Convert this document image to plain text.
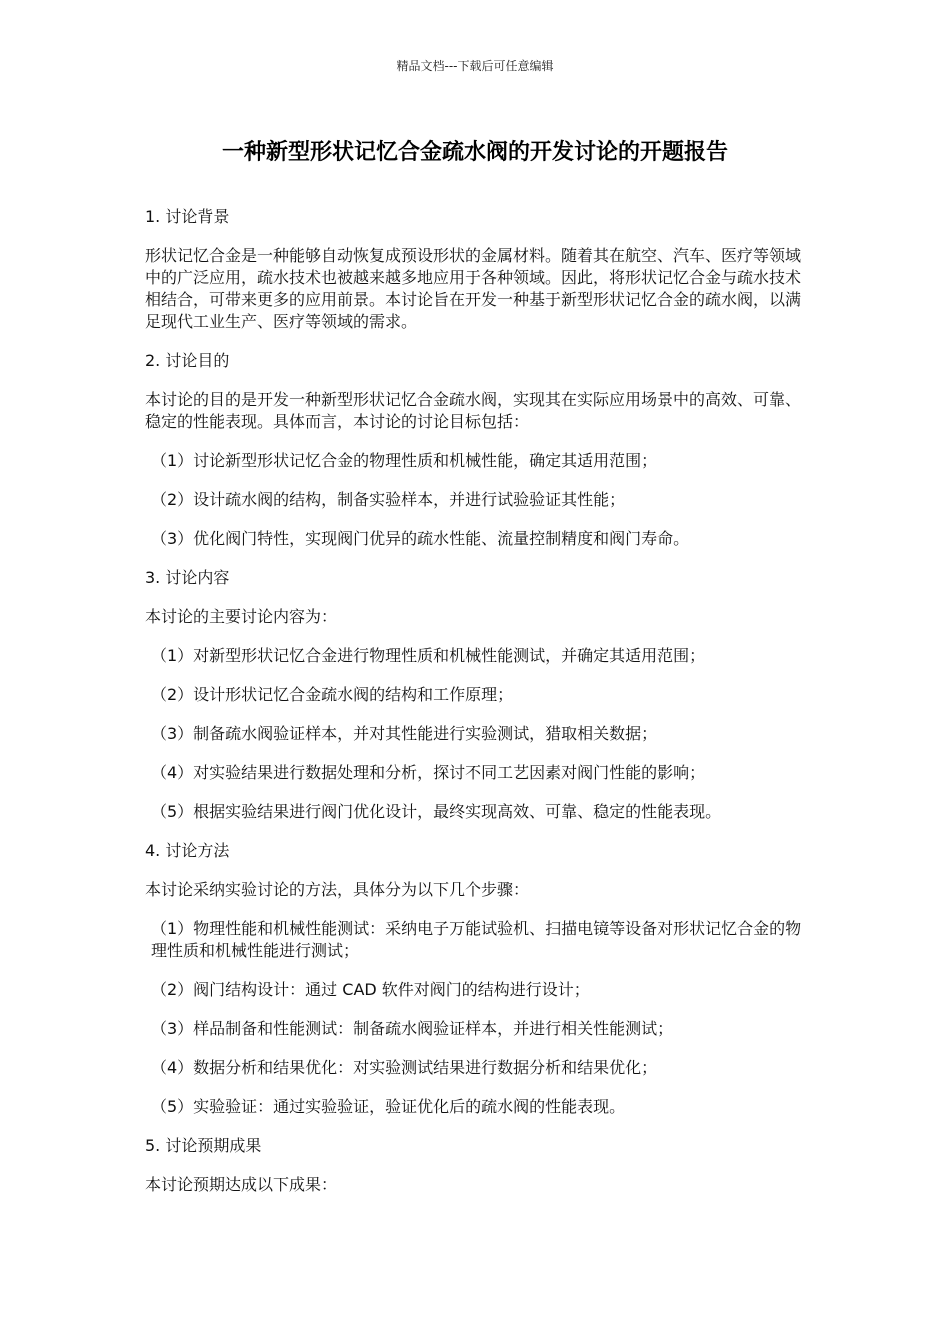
精品文档---下载后可任意编辑
一种新型形状记忆合金疏水阀的开发讨论的开题报告

1. 讨论背景

形状记忆合金是一种能够自动恢复成预设形状的金属材料。随着其在航空、汽车、医疗等领域中的广泛应用，疏水技术也被越来越多地应用于各种领域。因此，将形状记忆合金与疏水技术相结合，可带来更多的应用前景。本讨论旨在开发一种基于新型形状记忆合金的疏水阀，以满足现代工业生产、医疗等领域的需求。

2. 讨论目的

本讨论的目的是开发一种新型形状记忆合金疏水阀，实现其在实际应用场景中的高效、可靠、稳定的性能表现。具体而言，本讨论的讨论目标包括：

（1）讨论新型形状记忆合金的物理性质和机械性能，确定其适用范围；

（2）设计疏水阀的结构，制备实验样本，并进行试验验证其性能；

（3）优化阀门特性，实现阀门优异的疏水性能、流量控制精度和阀门寿命。

3. 讨论内容

本讨论的主要讨论内容为：

（1）对新型形状记忆合金进行物理性质和机械性能测试，并确定其适用范围；

（2）设计形状记忆合金疏水阀的结构和工作原理；

（3）制备疏水阀验证样本，并对其性能进行实验测试，猎取相关数据；

（4）对实验结果进行数据处理和分析，探讨不同工艺因素对阀门性能的影响；

（5）根据实验结果进行阀门优化设计，最终实现高效、可靠、稳定的性能表现。

4. 讨论方法

本讨论采纳实验讨论的方法，具体分为以下几个步骤：

（1）物理性能和机械性能测试：采纳电子万能试验机、扫描电镜等设备对形状记忆合金的物理性质和机械性能进行测试；

（2）阀门结构设计：通过 CAD 软件对阀门的结构进行设计；

（3）样品制备和性能测试：制备疏水阀验证样本，并进行相关性能测试；

（4）数据分析和结果优化：对实验测试结果进行数据分析和结果优化；

（5）实验验证：通过实验验证，验证优化后的疏水阀的性能表现。

5. 讨论预期成果

本讨论预期达成以下成果：
